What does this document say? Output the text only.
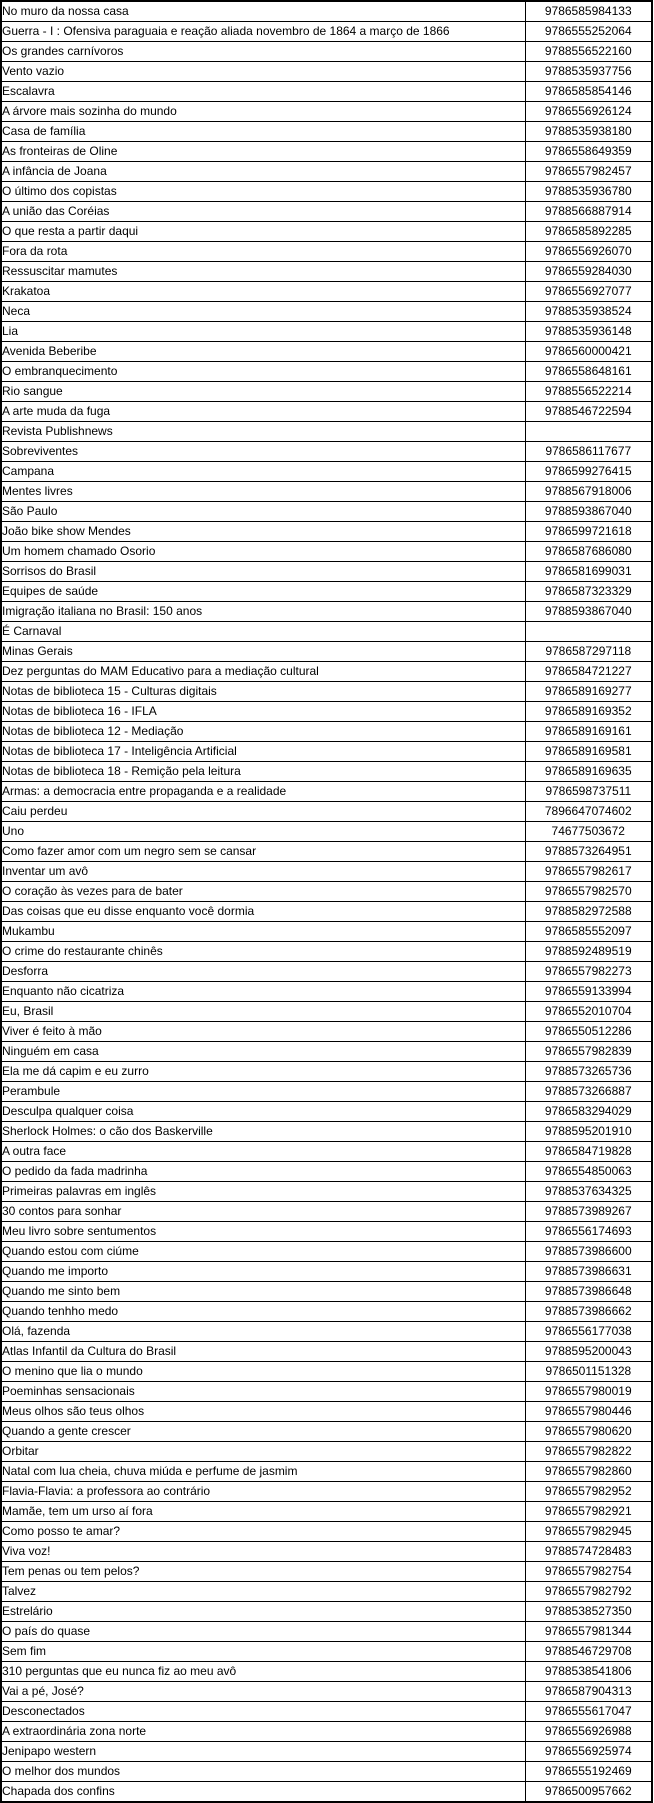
No muro da nossa casa	9786585984133
Guerra - I : Ofensiva paraguaia e reação aliada novembro de 1864 a março de 1866	9786555252064
Os grandes carnívoros	9788556522160
Vento vazio	9788535937756
Escalavra	9786585854146
A árvore mais sozinha do mundo	9786556926124
Casa de família	9788535938180
As fronteiras de Oline	9786558649359
A infância de Joana	9786557982457
O último dos copistas	9788535936780
A união das Coréias	9788566887914
O que resta a partir daqui	9786585892285
Fora da rota	9786556926070
Ressuscitar mamutes	9786559284030
Krakatoa	9786556927077
Neca	9788535938524
Lia	9788535936148
Avenida Beberibe	9786560000421
O embranquecimento	9786558648161
Rio sangue	9788556522214
A arte muda da fuga	9788546722594
Revista Publishnews	
Sobreviventes	9786586117677
Campana	9786599276415
Mentes livres	9788567918006
São Paulo	9788593867040
João bike show Mendes	9786599721618
Um homem chamado Osorio	9786587686080
Sorrisos do Brasil	9786581699031
Equipes de saúde	9786587323329
Imigração italiana no Brasil: 150 anos	9788593867040
É Carnaval	
Minas Gerais	9786587297118
Dez perguntas do MAM Educativo para a mediação cultural	9786584721227
Notas de biblioteca 15 - Culturas digitais	9786589169277
Notas de biblioteca 16 - IFLA	9786589169352
Notas de biblioteca 12 - Mediação	9786589169161
Notas de biblioteca 17 - Inteligência Artificial	9786589169581
Notas de biblioteca 18 - Remição pela leitura	9786589169635
Armas: a democracia entre propaganda e a realidade	9786598737511
Caiu perdeu	7896647074602
Uno	74677503672
Como fazer amor com um negro sem se cansar	9788573264951
Inventar um avô	9786557982617
O coração às vezes para de bater	9786557982570
Das coisas que eu disse enquanto você dormia	9788582972588
Mukambu	9786585552097
O crime do restaurante chinês	9788592489519
Desforra	9786557982273
Enquanto não cicatriza	9786559133994
Eu, Brasil	9786552010704
Viver é feito à mão	9786550512286
Ninguém em casa	9786557982839
Ela me dá capim e eu zurro	9788573265736
Perambule	9788573266887
Desculpa qualquer coisa	9786583294029
Sherlock Holmes: o cão dos Baskerville	9788595201910
A outra face	9786584719828
O pedido da fada madrinha	9786554850063
Primeiras palavras em inglês	9788537634325
30 contos para sonhar	9788573989267
Meu livro sobre sentumentos	9786556174693
Quando estou com ciúme	9788573986600
Quando me importo	9788573986631
Quando me sinto bem	9788573986648
Quando tenhho medo	9788573986662
Olá, fazenda	9786556177038
Atlas Infantil da Cultura do Brasil	9788595200043
O menino que lia o mundo	9786501151328
Poeminhas sensacionais	9786557980019
Meus olhos são teus olhos	9786557980446
Quando a gente crescer	9786557980620
Orbitar	9786557982822
Natal com lua cheia, chuva miúda e perfume de jasmim	9786557982860
Flavia-Flavia: a professora ao contrário	9786557982952
Mamãe, tem um urso aí fora	9786557982921
Como posso te amar?	9786557982945
Viva voz!	9788574728483
Tem penas ou tem pelos?	9786557982754
Talvez	9786557982792
Estrelário	9788538527350
O país do quase	9786557981344
Sem fim	9788546729708
310 perguntas que eu nunca fiz ao meu avô	9788538541806
Vai a pé, José?	9786587904313
Desconectados	9786555617047
A extraordinária zona norte	9786556926988
Jenipapo western	9786556925974
O melhor dos mundos	9786555192469
Chapada dos confins	9786500957662
